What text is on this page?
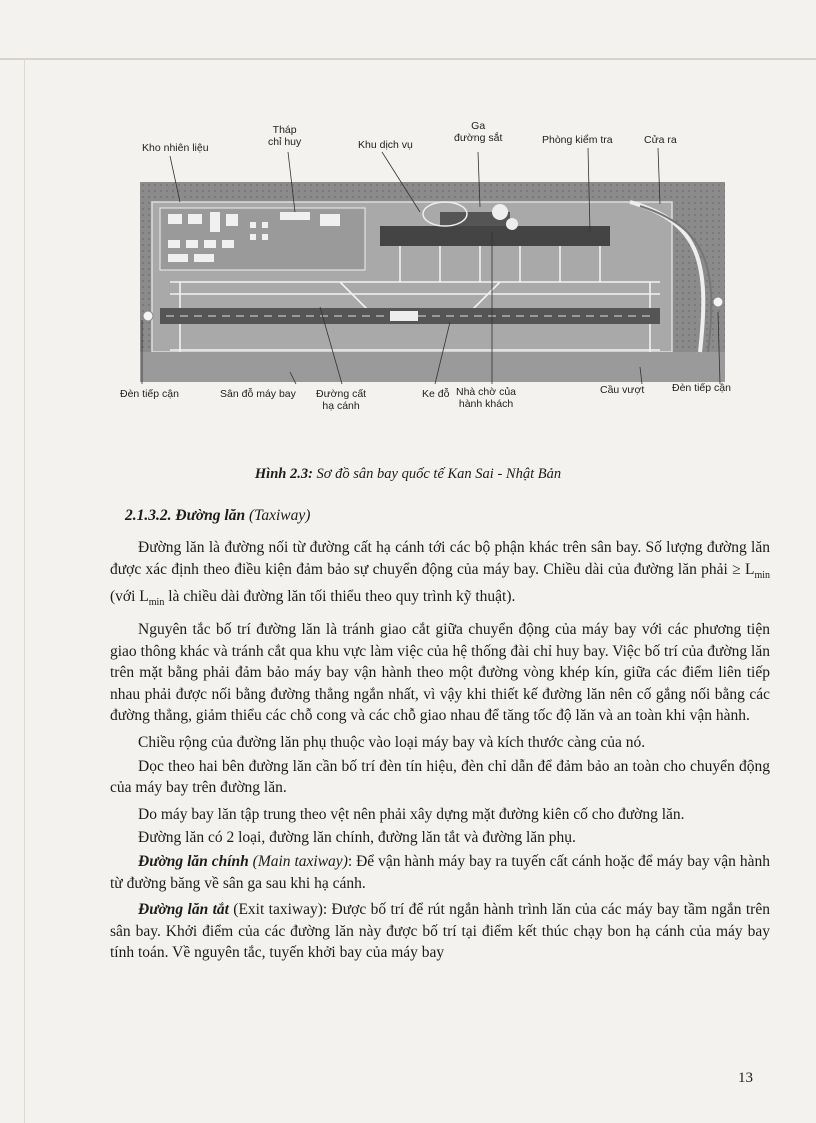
Kho nhiên liệu
Tháp
chỉ huy	Khu dịch vụ
Ga
đường sắt	Phòng kiểm tra	Cửa ra
Đèn tiếp cận	Sân đỗ máy bay Đường cất
hạ cánh
Ke đỗ Nhà chờ của
hành khách
Cầu vượt	Đèn tiếp cận
Hình 2.3: Sơ đồ sân bay quốc tế Kan Sai - Nhật Bản
2.1.3.2. Đường lăn (Taxiway)

Đường lăn là đường nối từ đường cất hạ cánh tới các bộ phận khác trên sân bay. Số lượng đường lăn được xác định theo điều kiện đảm bảo sự chuyển động của máy bay. Chiều dài của đường lăn phải ≥ $L_{min}$ (với $L_{min}$ là chiều dài đường lăn tối thiểu theo quy trình kỹ thuật).

Nguyên tắc bố trí đường lăn là tránh giao cắt giữa chuyển động của máy bay với các phương tiện giao thông khác và tránh cắt qua khu vực làm việc của hệ thống đài chỉ huy bay. Việc bố trí của đường lăn trên mặt bằng phải đảm bảo máy bay vận hành theo một đường vòng khép kín, giữa các điểm liên tiếp nhau phải được nối bằng đường thẳng ngắn nhất, vì vậy khi thiết kế đường lăn nên cố gắng nối bằng các đường thẳng, giảm thiểu các chỗ cong và các chỗ giao nhau để tăng tốc độ lăn và an toàn khi vận hành.

Chiều rộng của đường lăn phụ thuộc vào loại máy bay và kích thước càng của nó.

Dọc theo hai bên đường lăn cần bố trí đèn tín hiệu, đèn chỉ dẫn để đảm bảo an toàn cho chuyển động của máy bay trên đường lăn.

Do máy bay lăn tập trung theo vệt nên phải xây dựng mặt đường kiên cố cho đường lăn.

Đường lăn có 2 loại, đường lăn chính, đường lăn tắt và đường lăn phụ.

Đường lăn chính (Main taxiway): Để vận hành máy bay ra tuyến cất cánh hoặc để máy bay vận hành từ đường băng về sân ga sau khi hạ cánh.

Đường lăn tắt (Exit taxiway): Được bố trí để rút ngắn hành trình lăn của các máy bay tầm ngắn trên sân bay. Khởi điểm của các đường lăn này được bố trí tại điểm kết thúc chạy bon hạ cánh của máy bay tính toán. Về nguyên tắc, tuyến khởi bay của máy bay

13
